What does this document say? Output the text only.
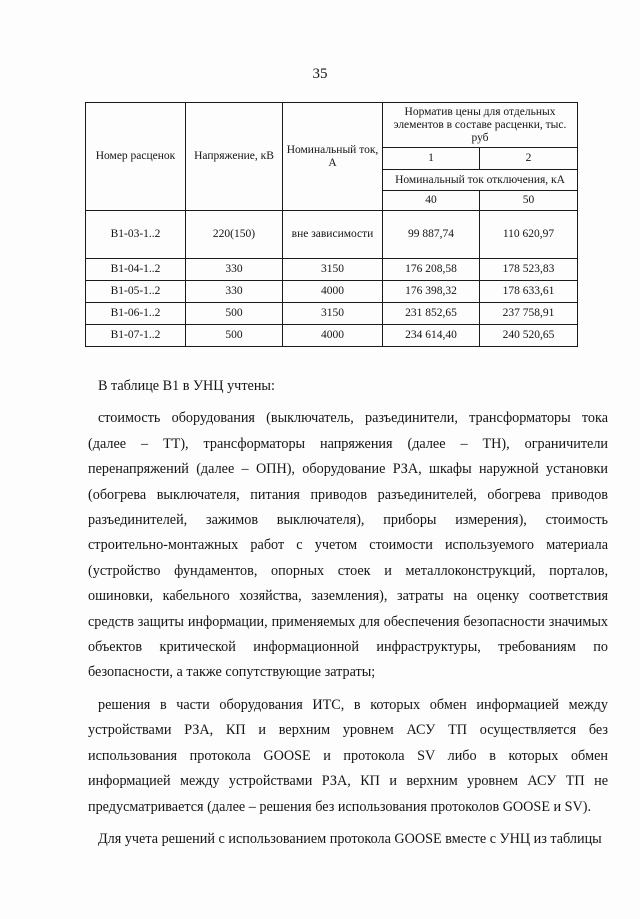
35
Номер расценок	Напряжение, кВ	Номинальный ток, А	Норматив цены для отдельных элементов в составе расценки, тыс. руб	
			1	2
			Номинальный ток отключения, кА	
			40	50
В1-03-1..2	220(150)	вне зависимости	99 887,74	110 620,97
В1-04-1..2	330	3150	176 208,58	178 523,83
В1-05-1..2	330	4000	176 398,32	178 633,61
В1-06-1..2	500	3150	231 852,65	237 758,91
В1-07-1..2	500	4000	234 614,40	240 520,65

В таблице В1 в УНЦ учтены:

стоимость оборудования (выключатель, разъединители, трансформаторы тока (далее – ТТ), трансформаторы напряжения (далее – ТН), ограничители перенапряжений (далее – ОПН), оборудование РЗА, шкафы наружной установки (обогрева выключателя, питания приводов разъединителей, обогрева приводов разъединителей, зажимов выключателя), приборы измерения), стоимость строительно-монтажных работ с учетом стоимости используемого материала (устройство фундаментов, опорных стоек и металлоконструкций, порталов, ошиновки, кабельного хозяйства, заземления), затраты на оценку соответствия средств защиты информации, применяемых для обеспечения безопасности значимых объектов критической информационной инфраструктуры, требованиям по безопасности, а также сопутствующие затраты;

решения в части оборудования ИТС, в которых обмен информацией между устройствами РЗА, КП и верхним уровнем АСУ ТП осуществляется без использования протокола GOOSE и протокола SV либо в которых обмен информацией между устройствами РЗА, КП и верхним уровнем АСУ ТП не предусматривается (далее – решения без использования протоколов GOOSE и SV).

Для учета решений с использованием протокола GOOSE вместе с УНЦ из таблицы
